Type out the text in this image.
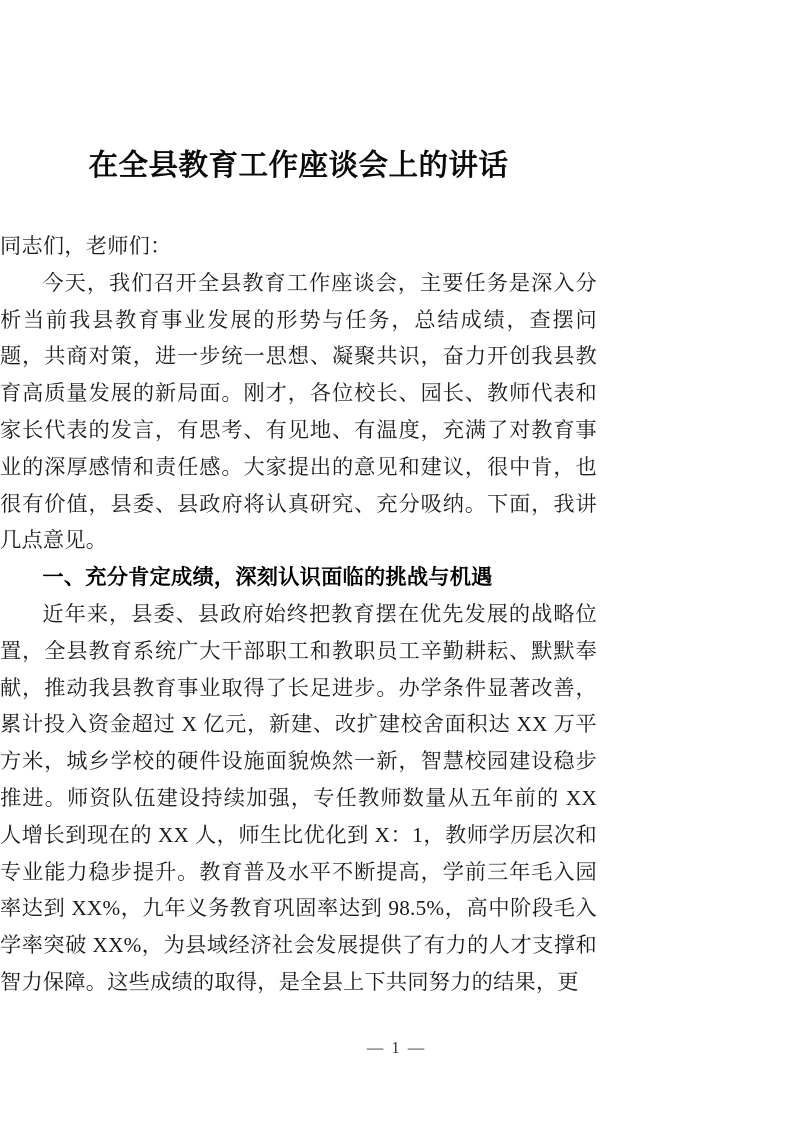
在全县教育工作座谈会上的讲话

同志们，老师们：

今天，我们召开全县教育工作座谈会，主要任务是深入分析当前我县教育事业发展的形势与任务，总结成绩，查摆问题，共商对策，进一步统一思想、凝聚共识，奋力开创我县教育高质量发展的新局面。刚才，各位校长、园长、教师代表和家长代表的发言，有思考、有见地、有温度，充满了对教育事业的深厚感情和责任感。大家提出的意见和建议，很中肯，也很有价值，县委、县政府将认真研究、充分吸纳。下面，我讲几点意见。

一、充分肯定成绩，深刻认识面临的挑战与机遇

近年来，县委、县政府始终把教育摆在优先发展的战略位置，全县教育系统广大干部职工和教职员工辛勤耕耘、默默奉献，推动我县教育事业取得了长足进步。办学条件显著改善，累计投入资金超过 X 亿元，新建、改扩建校舍面积达 XX 万平方米，城乡学校的硬件设施面貌焕然一新，智慧校园建设稳步推进。师资队伍建设持续加强，专任教师数量从五年前的 XX 人增长到现在的 XX 人，师生比优化到 X：1，教师学历层次和专业能力稳步提升。教育普及水平不断提高，学前三年毛入园率达到 XX%，九年义务教育巩固率达到 98.5%，高中阶段毛入学率突破 XX%，为县域经济社会发展提供了有力的人才支撑和智力保障。这些成绩的取得，是全县上下共同努力的结果，更

— 1 —
